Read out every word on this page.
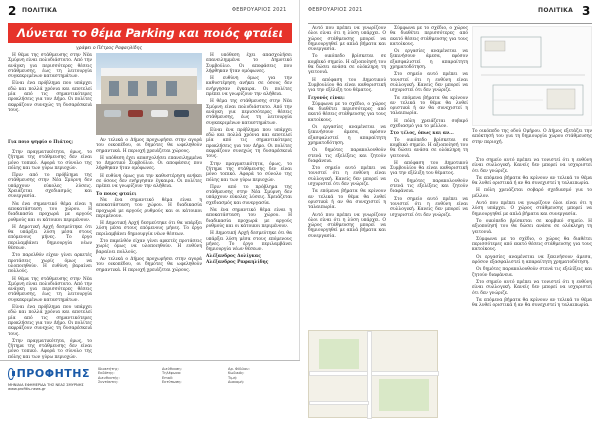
2 ΠΟΛΙΤΙΚΑ	ΦΕΒΡΟΥΑΡΙΟΣ 2021
Λύνεται το θέμα Parking και ποιός φταίει
γράφει ο Πέτρος Ραφαηλίδης

Η θέμα της στάθμευσης στην Νέα Σμύρνη είναι πολυδιάστατο. Από την ανάγκη για περισσότερες θέσεις στάθμευσης, έως τη λειτουργία συγκεκριμένων καταστημάτων.

Είναι ένα πρόβλημα που υπάρχει εδώ και πολλά χρόνια και αποτελεί μία από τις σημαντικότερες προκλήσεις για τον Δήμο. Οι πολίτες εκφράζουν συνεχώς τη δυσαρέσκειά τους.

Για ποιο ψηφίο ο Πιάτος;

Στην πραγματικότητα, όμως, το ζήτημα της στάθμευσης δεν είναι μόνο τοπικό. Αφορά το σύνολο της πόλης και των γύρω περιοχών.

Πριν από το πρόβλημα της στάθμευσης στην Νέα Σμύρνη δεν υπάρχουν εύκολες λύσεις. Χρειάζεται σχεδιασμός και συνεργασία.

Να ένα σημαντικό θέμα είναι η αποκατάσταση του χώρου. Η διαδικασία προχωρά με αργούς ρυθμούς και οι κάτοικοι περιμένουν.

Η Δημοτική Αρχή δεσμεύτηκε ότι θα υπάρξει λύση μέσα στους επόμενους μήνες. Το έργο περιλαμβάνει δημιουργία νέων θέσεων.

Στο παρελθόν είχαν γίνει αρκετές προτάσεις χωρίς όμως να υλοποιηθούν. Η ευθύνη βαραίνει πολλούς.

Η θέμα της στάθμευσης στην Νέα Σμύρνη είναι πολυδιάστατο. Από την ανάγκη για περισσότερες θέσεις στάθμευσης, έως τη λειτουργία συγκεκριμένων καταστημάτων.

Είναι ένα πρόβλημα που υπάρχει εδώ και πολλά χρόνια και αποτελεί μία από τις σημαντικότερες προκλήσεις για τον Δήμο. Οι πολίτες εκφράζουν συνεχώς τη δυσαρέσκειά τους.

Στην πραγματικότητα, όμως, το ζήτημα της στάθμευσης δεν είναι μόνο τοπικό. Αφορά το σύνολο της πόλης και των γύρω περιοχών.

Αν τελικά ο Δήμος προχωρήσει στην αγορά του οικοπέδου, οι δημότες θα ωφεληθούν σημαντικά. Η περιοχή χρειάζεται χώρους.

Η υπόθεση έχει απασχολήσει επανειλημμένα το Δημοτικό Συμβούλιο. Οι αποφάσεις που λήφθηκαν ήταν ομόφωνες.

Η ευθύνη όμως για την καθυστέρηση ανήκει σε όσους δεν ενήργησαν έγκαιρα. Οι πολίτες πρέπει να γνωρίζουν την αλήθεια.

Το ποιος φταίει

Να ένα σημαντικό θέμα είναι η αποκατάσταση του χώρου. Η διαδικασία προχωρά με αργούς ρυθμούς και οι κάτοικοι περιμένουν.

Η Δημοτική Αρχή δεσμεύτηκε ότι θα υπάρξει λύση μέσα στους επόμενους μήνες. Το έργο περιλαμβάνει δημιουργία νέων θέσεων.

Στο παρελθόν είχαν γίνει αρκετές προτάσεις χωρίς όμως να υλοποιηθούν. Η ευθύνη βαραίνει πολλούς.

Αν τελικά ο Δήμος προχωρήσει στην αγορά του οικοπέδου, οι δημότες θα ωφεληθούν σημαντικά. Η περιοχή χρειάζεται χώρους.

Η υπόθεση έχει απασχολήσει επανειλημμένα το Δημοτικό Συμβούλιο. Οι αποφάσεις που λήφθηκαν ήταν ομόφωνες.

Η ευθύνη όμως για την καθυστέρηση ανήκει σε όσους δεν ενήργησαν έγκαιρα. Οι πολίτες πρέπει να γνωρίζουν την αλήθεια.

Η θέμα της στάθμευσης στην Νέα Σμύρνη είναι πολυδιάστατο. Από την ανάγκη για περισσότερες θέσεις στάθμευσης, έως τη λειτουργία συγκεκριμένων καταστημάτων.

Είναι ένα πρόβλημα που υπάρχει εδώ και πολλά χρόνια και αποτελεί μία από τις σημαντικότερες προκλήσεις για τον Δήμο. Οι πολίτες εκφράζουν συνεχώς τη δυσαρέσκειά τους.

Στην πραγματικότητα, όμως, το ζήτημα της στάθμευσης δεν είναι μόνο τοπικό. Αφορά το σύνολο της πόλης και των γύρω περιοχών.

Πριν από το πρόβλημα της στάθμευσης στην Νέα Σμύρνη δεν υπάρχουν εύκολες λύσεις. Χρειάζεται σχεδιασμός και συνεργασία.

Να ένα σημαντικό θέμα είναι η αποκατάσταση του χώρου. Η διαδικασία προχωρά με αργούς ρυθμούς και οι κάτοικοι περιμένουν.

Η Δημοτική Αρχή δεσμεύτηκε ότι θα υπάρξει λύση μέσα στους επόμενους μήνες. Το έργο περιλαμβάνει δημιουργία νέων θέσεων.

Αλέξανδρος Δολίγκας
Αλέξανδρος Ραφαηλίδης

ΠΡΟΦΗΤΗΣ
ΜΗΝΙΑΙΑ ΕΦΗΜΕΡΙΔΑ ΤΗΣ ΝΕΑΣ ΣΜΥΡΝΗΣ
www.profitis-news.gr
Ιδιοκτήτης:
Εκδότης:
Διευθυντής:
Συντάκτες:
Διεύθυνση:
Τηλέφωνο:
Email:
Εκτύπωση:
Αρ. Φύλλου:
Κωδικός:
Τιμή:
Διανομή:
ΦΕΒΡΟΥΑΡΙΟΣ 2021	ΠΟΛΙΤΙΚΑ 3

Αυτό που πρέπει να γνωρίζουν όλοι είναι ότι η λύση υπάρχει. Ο χώρος στάθμευσης μπορεί να δημιουργηθεί με απλά βήματα και συνεργασία.

Το οικόπεδο βρίσκεται σε κομβικό σημείο. Η αξιοποίησή του θα δώσει ανάσα σε ολόκληρη τη γειτονιά.

Η απόφαση του Δημοτικού Συμβουλίου θα είναι καθοριστική για την εξέλιξη του θέματος.

Γεγονός είναι:

Σύμφωνα με το σχέδιο, ο χώρος θα διαθέτει περισσότερες από εκατό θέσεις στάθμευσης για τους κατοίκους.

Οι εργασίες αναμένεται να ξεκινήσουν άμεσα, εφόσον εξασφαλιστεί η απαραίτητη χρηματοδότηση.

Οι δημότες παρακολουθούν στενά τις εξελίξεις και ζητούν διαφάνεια.

Στο σημείο αυτό πρέπει να τονιστεί ότι η ευθύνη είναι συλλογική. Κανείς δεν μπορεί να ισχυριστεί ότι δεν γνώριζε.

Τα επόμενα βήματα θα κρίνουν αν τελικά το θέμα θα λυθεί οριστικά ή αν θα συνεχιστεί η ταλαιπωρία.

Αυτό που πρέπει να γνωρίζουν όλοι είναι ότι η λύση υπάρχει. Ο χώρος στάθμευσης μπορεί να δημιουργηθεί με απλά βήματα και συνεργασία.

Σύμφωνα με το σχέδιο, ο χώρος θα διαθέτει περισσότερες από εκατό θέσεις στάθμευσης για τους κατοίκους.

Οι εργασίες αναμένεται να ξεκινήσουν άμεσα, εφόσον εξασφαλιστεί η απαραίτητη χρηματοδότηση.

Στο σημείο αυτό πρέπει να τονιστεί ότι η ευθύνη είναι συλλογική. Κανείς δεν μπορεί να ισχυριστεί ότι δεν γνώριζε.

Τα επόμενα βήματα θα κρίνουν αν τελικά το θέμα θα λυθεί οριστικά ή αν θα συνεχιστεί η ταλαιπωρία.

Η πόλη χρειάζεται σοβαρό σχεδιασμό για το μέλλον.

Στο τέλος, όπως και αν...

Το οικόπεδο βρίσκεται σε κομβικό σημείο. Η αξιοποίησή του θα δώσει ανάσα σε ολόκληρη τη γειτονιά.

Η απόφαση του Δημοτικού Συμβουλίου θα είναι καθοριστική για την εξέλιξη του θέματος.

Οι δημότες παρακολουθούν στενά τις εξελίξεις και ζητούν διαφάνεια.

Στο σημείο αυτό πρέπει να τονιστεί ότι η ευθύνη είναι συλλογική. Κανείς δεν μπορεί να ισχυριστεί ότι δεν γνώριζε.

Το οικόπεδο της οδού Ομήρου. Ο Δήμος εξετάζει την απόκτησή του για τη δημιουργία χώρου στάθμευσης στην περιοχή.

Στο σημείο αυτό πρέπει να τονιστεί ότι η ευθύνη είναι συλλογική. Κανείς δεν μπορεί να ισχυριστεί ότι δεν γνώριζε.

Τα επόμενα βήματα θα κρίνουν αν τελικά το θέμα θα λυθεί οριστικά ή αν θα συνεχιστεί η ταλαιπωρία.

Η πόλη χρειάζεται σοβαρό σχεδιασμό για το μέλλον.

Αυτό που πρέπει να γνωρίζουν όλοι είναι ότι η λύση υπάρχει. Ο χώρος στάθμευσης μπορεί να δημιουργηθεί με απλά βήματα και συνεργασία.

Το οικόπεδο βρίσκεται σε κομβικό σημείο. Η αξιοποίησή του θα δώσει ανάσα σε ολόκληρη τη γειτονιά.

Σύμφωνα με το σχέδιο, ο χώρος θα διαθέτει περισσότερες από εκατό θέσεις στάθμευσης για τους κατοίκους.

Οι εργασίες αναμένεται να ξεκινήσουν άμεσα, εφόσον εξασφαλιστεί η απαραίτητη χρηματοδότηση.

Οι δημότες παρακολουθούν στενά τις εξελίξεις και ζητούν διαφάνεια.

Στο σημείο αυτό πρέπει να τονιστεί ότι η ευθύνη είναι συλλογική. Κανείς δεν μπορεί να ισχυριστεί ότι δεν γνώριζε.

Τα επόμενα βήματα θα κρίνουν αν τελικά το θέμα θα λυθεί οριστικά ή αν θα συνεχιστεί η ταλαιπωρία.
